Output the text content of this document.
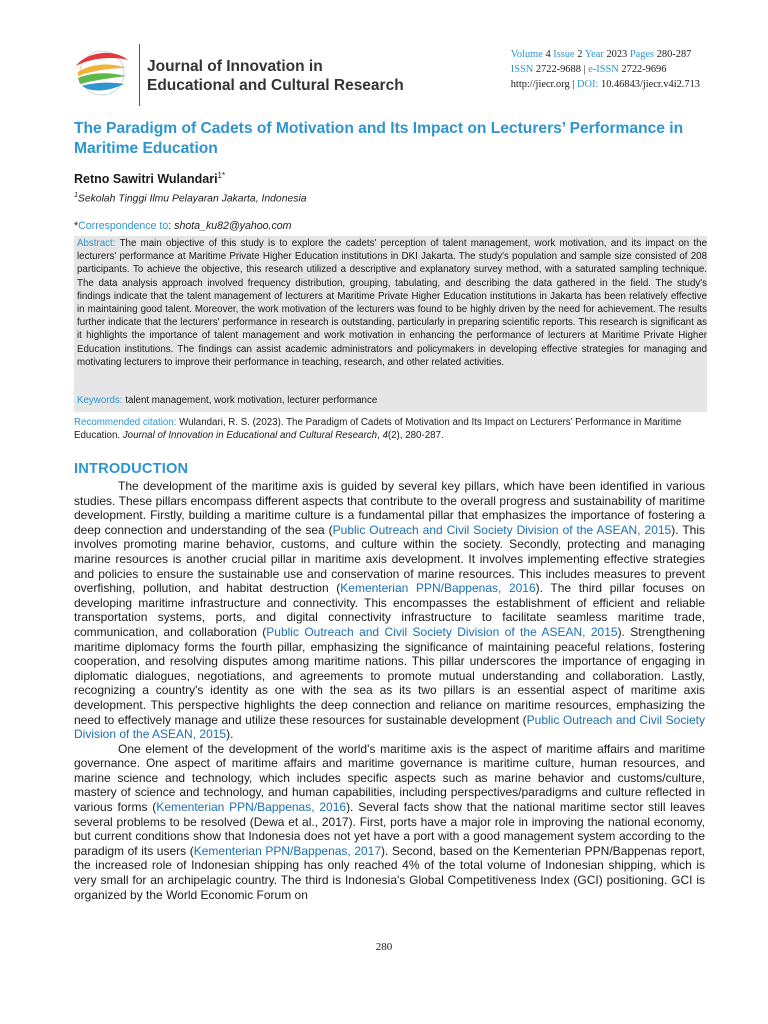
Journal of Innovation in
Educational and Cultural Research
Volume 4 Issue 2 Year 2023 Pages 280-287
ISSN 2722-9688 | e-ISSN 2722-9696
http://jiecr.org | DOI: 10.46843/jiecr.v4i2.713
The Paradigm of Cadets of Motivation and Its Impact on Lecturers’ Performance in Maritime Education
Retno Sawitri Wulandari$^{1*}$
$^1$Sekolah Tinggi Ilmu Pelayaran Jakarta, Indonesia
*Correspondence to: shota_ku82@yahoo.com

Abstract: The main objective of this study is to explore the cadets' perception of talent management, work motivation, and its impact on the lecturers' performance at Maritime Private Higher Education institutions in DKI Jakarta. The study's population and sample size consisted of 208 participants. To achieve the objective, this research utilized a descriptive and explanatory survey method, with a saturated sampling technique. The data analysis approach involved frequency distribution, grouping, tabulating, and describing the data gathered in the field. The study's findings indicate that the talent management of lecturers at Maritime Private Higher Education institutions in Jakarta has been relatively effective in maintaining good talent. Moreover, the work motivation of the lecturers was found to be highly driven by the need for achievement. The results further indicate that the lecturers' performance in research is outstanding, particularly in preparing scientific reports. This research is significant as it highlights the importance of talent management and work motivation in enhancing the performance of lecturers at Maritime Private Higher Education institutions. The findings can assist academic administrators and policymakers in developing effective strategies for managing and motivating lecturers to improve their performance in teaching, research, and other related activities.

Keywords: talent management, work motivation, lecturer performance

Recommended citation: Wulandari, R. S. (2023). The Paradigm of Cadets of Motivation and Its Impact on Lecturers’ Performance in Maritime Education. Journal of Innovation in Educational and Cultural Research, 4(2), 280-287.

INTRODUCTION

The development of the maritime axis is guided by several key pillars, which have been identified in various studies. These pillars encompass different aspects that contribute to the overall progress and sustainability of maritime development. Firstly, building a maritime culture is a fundamental pillar that emphasizes the importance of fostering a deep connection and understanding of the sea (Public Outreach and Civil Society Division of the ASEAN, 2015). This involves promoting marine behavior, customs, and culture within the society. Secondly, protecting and managing marine resources is another crucial pillar in maritime axis development. It involves implementing effective strategies and policies to ensure the sustainable use and conservation of marine resources. This includes measures to prevent overfishing, pollution, and habitat destruction (Kementerian PPN/Bappenas, 2016). The third pillar focuses on developing maritime infrastructure and connectivity. This encompasses the establishment of efficient and reliable transportation systems, ports, and digital connectivity infrastructure to facilitate seamless maritime trade, communication, and collaboration (Public Outreach and Civil Society Division of the ASEAN, 2015). Strengthening maritime diplomacy forms the fourth pillar, emphasizing the significance of maintaining peaceful relations, fostering cooperation, and resolving disputes among maritime nations. This pillar underscores the importance of engaging in diplomatic dialogues, negotiations, and agreements to promote mutual understanding and collaboration. Lastly, recognizing a country's identity as one with the sea as its two pillars is an essential aspect of maritime axis development. This perspective highlights the deep connection and reliance on maritime resources, emphasizing the need to effectively manage and utilize these resources for sustainable development (Public Outreach and Civil Society Division of the ASEAN, 2015).

One element of the development of the world's maritime axis is the aspect of maritime affairs and maritime governance. One aspect of maritime affairs and maritime governance is maritime culture, human resources, and marine science and technology, which includes specific aspects such as marine behavior and customs/culture, mastery of science and technology, and human capabilities, including perspectives/paradigms and culture reflected in various forms (Kementerian PPN/Bappenas, 2016). Several facts show that the national maritime sector still leaves several problems to be resolved (Dewa et al., 2017). First, ports have a major role in improving the national economy, but current conditions show that Indonesia does not yet have a port with a good management system according to the paradigm of its users (Kementerian PPN/Bappenas, 2017). Second, based on the Kementerian PPN/Bappenas report, the increased role of Indonesian shipping has only reached 4% of the total volume of Indonesian shipping, which is very small for an archipelagic country. The third is Indonesia's Global Competitiveness Index (GCI) positioning. GCI is organized by the World Economic Forum on

280
